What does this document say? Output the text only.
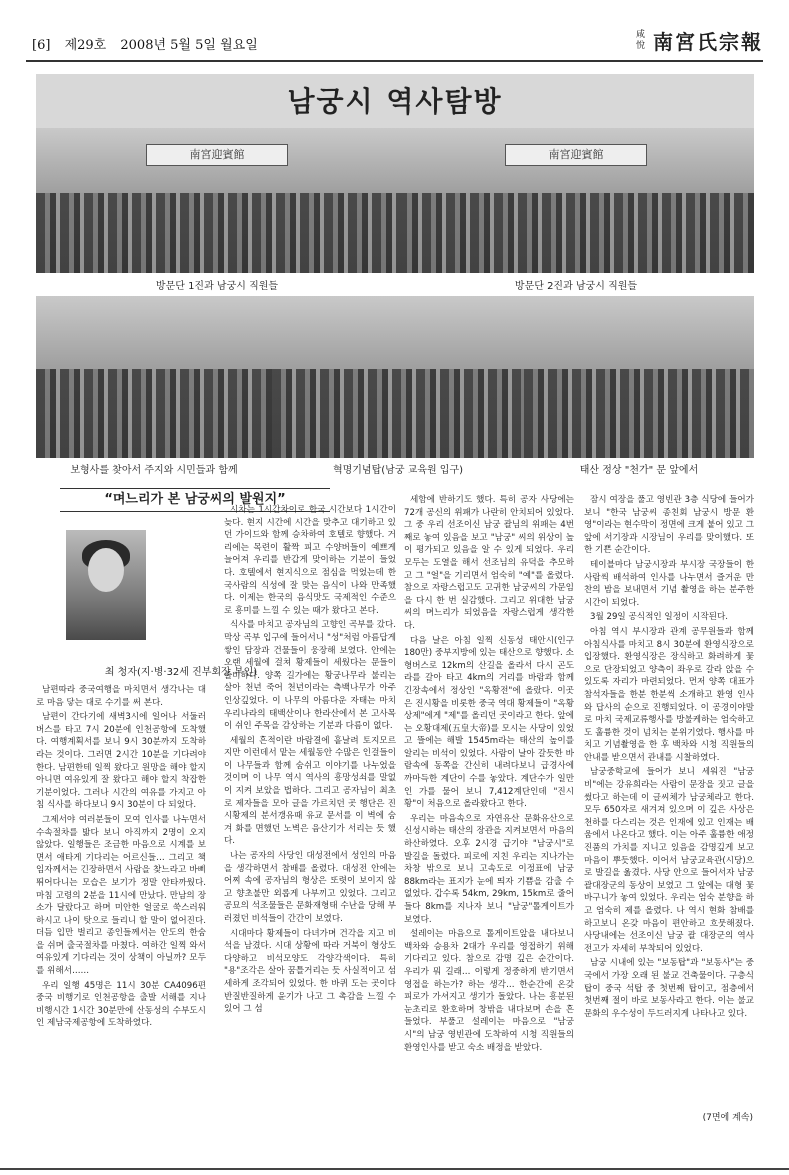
[6] 제29호 2008년 5월 5일 월요일
咸
悅 南宮氏宗報
남궁시 역사탐방
南宮迎賓館	南宮迎賓館
방문단 1진과 남궁시 직원들	방문단 2진과 남궁시 직원들
보형사를 찾아서 주지와 시민들과 함께	혁명기념탑(남궁 교육원 입구)	태산 정상 "천가" 문 앞에서
“며느리가 본 남궁씨의 발원지”
최 청자(지·병·32세 진부회장 부인)

남편따라 중국여행을 마치면서 생각나는 대로 마음 닿는 대로 수기를 써 본다.

남편이 간다기에 새벽3시에 일어나 서둘러 버스를 타고 7시 20분에 인천공항에 도착했다. 여행계획서를 보니 9시 30분까지 도착하라는 것이다. 그러면 2시간 10분을 기다려야 한다. 남편한테 일찍 왔다고 원망을 해야 할지 아니면 여유있게 잘 왔다고 해야 할지 착잡한 기분이었다. 그러나 시간의 여유를 가지고 아침 식사를 하다보니 9시 30분이 다 되었다.

그제서야 여러분들이 모여 인사를 나누면서 수속절차를 밟다 보니 아직까지 2명이 오지 않았다. 일행들은 조금한 마음으로 시계를 보면서 애타게 기다리는 어르신들… 그리고 책임자께서는 긴장하면서 사람을 찾느라고 바삐 뛰어다니는 모습은 보기가 정말 안타까웠다. 마침 고령의 2분을 11시에 만났다. 만남의 장소가 달랐다고 하며 미안한 얼굴로 쑥스러워하시고 나이 탓으로 들리니 할 말이 없어진다. 더듬 입만 벌리고 종인들께서는 안도의 한숨을 쉬며 출국절차를 마쳤다. 여하간 일찍 와서 여유있게 기다리는 것이 상책이 아닐까? 모두를 위해서……

우리 일행 45명은 11시 30분 CA4096편 중국 비행기로 인천공항을 출발 서해를 지나 비행시간 1시간 30분만에 산동성의 수부도시인 제남국제공항에 도착하였다.

시차는 1시간차이로 한국 시간보다 1시간이 늦다. 현지 시간에 시간을 맞추고 대기하고 있던 가이드와 함께 승차하여 호텔로 향했다. 거리에는 목련이 활짝 피고 수양버들이 예쁘게 늘어져 우리를 반갑게 맞이하는 기분이 들었다. 호텔에서 현지식으로 점심을 먹었는데 한국사람의 식성에 잘 맞는 음식이 나와 만족했다. 이제는 한국의 음식맛도 국제적인 수준으로 흥미를 느낄 수 있는 때가 왔다고 본다.

식사를 마치고 공자님의 고향인 곡부를 갔다. 막상 곡부 입구에 들어서니 "성"처럼 아름답게 쌓인 담장과 건물들이 웅장해 보였다. 안에는 오랜 세월에 걸쳐 황제들이 세웠다는 문들이 즐비하다. 양쪽 길가에는 황궁나무라 불리는 살아 천년 죽어 천년이라는 측백나무가 아주 인상깊었다. 이 나무의 아름다운 자태는 마치 우리나라의 태백산이나 한라산에서 본 고사목이 쉬인 주목을 감상하는 기분과 다름이 없다.

세월의 흔적이란 바람결에 흩날려 토지모르지만 이런데서 맡는 세월동안 수많은 인걸들이 이 나무들과 함께 숨쉬고 이야기를 나누었을 것이며 이 나무 역시 역사의 흥망성쇠를 말없이 지켜 보았을 법하다. 그리고 공자님이 최초로 제자들을 모아 글을 가르치던 곳 행단은 진시황제의 분서갱유때 유교 문서를 이 벽에 숨겨 화를 면했던 노벽은 음산기가 서리는 듯 했다.

나는 공자의 사당인 대성전에서 성인의 마음을 생각하면서 참배를 올렸다. 대성전 안에는 어찌 속에 공자님의 형상은 또렷이 보이지 않고 향초불만 외롭게 나부끼고 있었다. 그리고 공묘의 석조물들은 문화재형태 수난을 당해 부러졌던 비석들이 간간이 보였다.

시대마다 황제들이 다녀가며 건각을 지고 비석을 남겼다. 시대 상황에 따라 거북이 형상도 다양하고 비석모양도 각양각색이다. 특히 "용"조각은 살아 꿈틀거리는 듯 사실적이고 섬세하게 조각되어 있었다. 한 바퀴 도는 곳이다 반질반질하게 윤기가 나고 그 촉감을 느낄 수 있어 그 섬

세함에 반하기도 했다. 특히 공자 사당에는 72개 공신의 위패가 나란히 안치되어 있었다. 그 중 우리 선조이신 남궁 괄님의 위패는 4번째로 놓여 있음을 보고 "남궁" 씨의 위상이 높이 평가되고 있음을 알 수 있게 되었다. 우리 모두는 도열을 해서 선조님의 유덕을 추모하고 그 "얼"을 기리면서 엄숙히 "예"를 올렸다. 참으로 자랑스럽고도 고귀한 남궁씨의 가문임을 다시 한 번 실감했다. 그리고 위대한 남궁씨의 며느리가 되었음을 자랑스럽게 생각한다.

다음 날은 아침 일찍 신동성 태안시(인구 180만) 중부지방에 있는 태산으로 향했다. 소형버스로 12km의 산길을 올라서 다시 곤도라를 갈아 타고 4km의 거리를 바람과 함께 긴장속에서 정상인 "옥황전"에 올랐다. 이곳은 진시황을 비롯한 중국 역대 황제들이 "옥황상제"에게 "제"를 올리던 곳이라고 한다. 앞에는 오황대제(五皇大帝)를 모시는 사당이 있었고 뜰에는 해발 1545m라는 태산의 높이를 알리는 비석이 있었다. 사람이 날아 갈듯한 바람속에 동쪽을 간신히 내려다보니 급경사에 까마득한 계단이 수를 놓았다. 계단수가 일만인 가를 물어 보니 7,412계단인데 "진시황"이 처음으로 올라왔다고 한다.

우리는 마음속으로 자연유산 문화유산으로 신성시하는 태산의 장관을 지켜보면서 마음의 하산하였다. 오후 2시경 급기야 "남궁시"로 발길을 돌렸다. 피로에 지친 우리는 지나가는 차창 밖으로 보니 고속도로 이정표에 남궁 88km라는 표지가 눈에 띄자 기쁨을 감출 수 없었다. 갑수록 54km, 29km, 15km로 줄어들다 8km를 지나자 보니 "남궁"톨게이트가 보였다.

설레이는 마음으로 톨게이트앞을 내다보니 백차와 승용차 2대가 우리를 영접하기 위해 기다리고 있다. 참으로 감명 깊은 순간이다. 우리가 뭐 길래… 이렇게 정중하게 반기면서 영접을 하는가? 하는 생각… 한순간에 온갖 피로가 가셔지고 생기가 돌았다. 나는 흥분된 눈초리로 환호하며 창밖을 내다보며 손을 흔들었다. 부풀고 설레이는 마음으로 "남궁시"의 남궁 영빈관에 도착하여 시청 직원들의 환영인사를 받고 숙소 배정을 받았다.

잠시 여장을 풀고 영빈관 3층 식당에 들어가 보니 "한국 남궁씨 종친회 남궁시 방문 환영"이라는 현수막이 정면에 크게 붙어 있고 그 앞에 서기장과 시장님이 우리를 맞이했다. 또한 기쁜 순간이다.

테이블마다 남궁시장과 부시장 국장들이 한 사람씩 배석하여 인사를 나누면서 즐거운 만찬의 밤을 보내면서 기념 촬영을 하는 분주한 시간이 되었다.

3월 29일 공식적인 일정이 시작된다.

아침 역시 부시장과 관계 공무원들과 함께 아침식사를 마치고 8시 30분에 환영식장으로 입장했다. 환영식장은 장식하고 화려하게 꽃으로 단장되었고 양측이 좌우로 갈라 앉을 수 있도록 자리가 마련되었다. 먼저 양쪽 대표가 참석자들을 한분 한분씩 소개하고 환영 인사와 답사의 순으로 진행되었다. 이 공경이야말로 마치 국제교류행사를 방불케하는 엄숙하고도 훌륭한 것이 넘치는 분위기였다. 행사를 마치고 기념촬영을 한 후 백차와 시청 직원들의 안내를 받으면서 관내를 시찰하였다.

남궁중학교에 들어가 보니 세워진 "남궁비"에는 강유희라는 사람이 문장을 짓고 글을 썼다고 하는데 이 글씨체가 남궁체라고 한다. 모두 650자로 새겨져 있으며 이 깊은 사상은 천하를 다스리는 것은 인재에 있고 인재는 배움에서 나온다고 했다. 이는 아주 훌륭한 애정 진품의 가치를 지니고 있음을 감명깊게 보고 마음이 뿌듯했다. 이어서 남궁교육관(시당)으로 발길을 옮겼다. 사당 안으로 들어서자 남궁괄대장군의 동상이 보였고 그 앞에는 대형 꽃바구니가 놓여 있었다. 우리는 엄숙 분향을 하고 엄숙히 제를 올렸다. 나 역시 현화 참배를 하고보니 온갖 마음이 편안하고 흐뭇해졌다. 사당내에는 선조이신 남궁 괄 대장군의 역사 전고가 자세히 부착되어 있었다.

남궁 시내에 있는 "보동탑"과 "보동사"는 중국에서 가장 오래 된 불교 건축물이다. 구층식탑이 중국 석탑 중 첫번째 탑이고, 점층에서 첫번째 절이 바로 보동사라고 한다. 이는 불교 문화의 우수성이 두드러지게 나타나고 있다.

(7면에 계속)
